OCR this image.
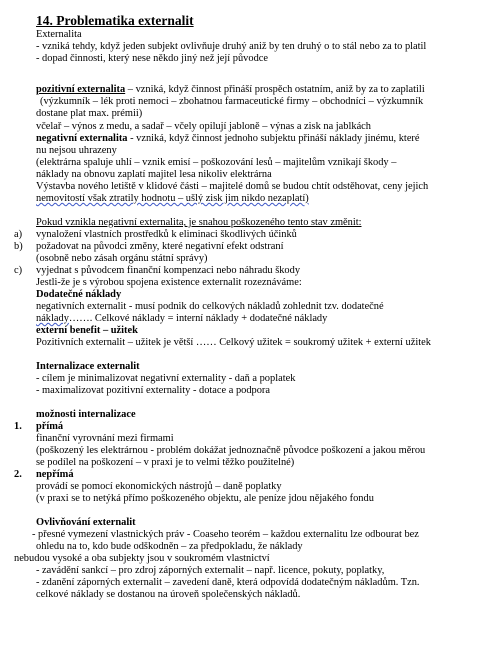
14. Problematika externalit
Externalita
- vzniká tehdy, když jeden subjekt ovlivňuje druhý aniž by ten druhý o to stál nebo za to platil
- dopad činnosti, který nese někdo jiný než její původce
pozitivní externalita – vzniká, když činnost přináší prospěch ostatním, aniž by za to zaplatili
(výzkumník – lék proti nemoci – zbohatnou farmaceutické firmy – obchodníci – výzkumník
dostane plat max. prémii)
včelař – výnos z medu, a sadař – včely opilují jabloně – výnas a zisk na jablkách
negativní externalita - vzniká, když činnost jednoho subjektu přináší náklady jinému, které
nu nejsou uhrazeny
(elektrárna spaluje uhlí – vznik emisí – poškozování lesů – majitelům vznikají škody –
náklady na obnovu zaplatí majitel lesa nikoliv elektrárna
Výstavba nového letiště v klidové části – majitelé domů se budou chtít odstěhovat, ceny jejich
nemovitostí však ztratily hodnotu – ušlý zisk jim nikdo nezaplatí)
Pokud vznikla negativní externalita, je snahou poškozeného tento stav změnit:
a) vynaložení vlastních prostředků k eliminaci škodlivých účinků
b) požadovat na původci změny, které negativní efekt odstraní
(osobně nebo zásah orgánu státní správy)
c) vyjednat s původcem finanční kompenzaci nebo náhradu škody
Jestli-že je s výrobou spojena existence externalit rozeznáváme:
Dodatečné náklady
negativních externalit - musí podnik do celkových nákladů zohlednit tzv. dodatečné
náklady……. Celkové náklady = interní náklady + dodatečné náklady
externí benefit – užitek
Pozitivních externalit – užitek je větší …… Celkový užitek = soukromý užitek + externí užitek
Internalizace externalit
- cílem je minimalizovat negativní externality - daň a poplatek
- maximalizovat pozitivní externality - dotace a podpora
možnosti internalizace
1. přímá
finanční vyrovnání mezi firmami
(poškozený les elektrárnou - problém dokážat jednoznačně původce poškození a jakou měrou
se podílel na poškození – v praxi je to velmi těžko použitelné)
2. nepřímá
provádí se pomocí ekonomických nástrojů – daně poplatky
(v praxi se to netýká přímo poškozeného objektu, ale peníze jdou nějakého fondu
Ovlivňování externalit
- přesné vymezení vlastnických práv - Coaseho teorém – každou externalitu lze odbourat bez
ohledu na to, kdo bude odškodněn – za předpokladu, že náklady
nebudou vysoké a oba subjekty jsou v soukromém vlastnictví
- zavádění sankcí – pro zdroj záporných externalit – např. licence, pokuty, poplatky,
- zdanění záporných externalit – zavedení daně, která odpovídá dodatečným nákladům. Tzn.
celkové náklady se dostanou na úroveň společenských nákladů.
